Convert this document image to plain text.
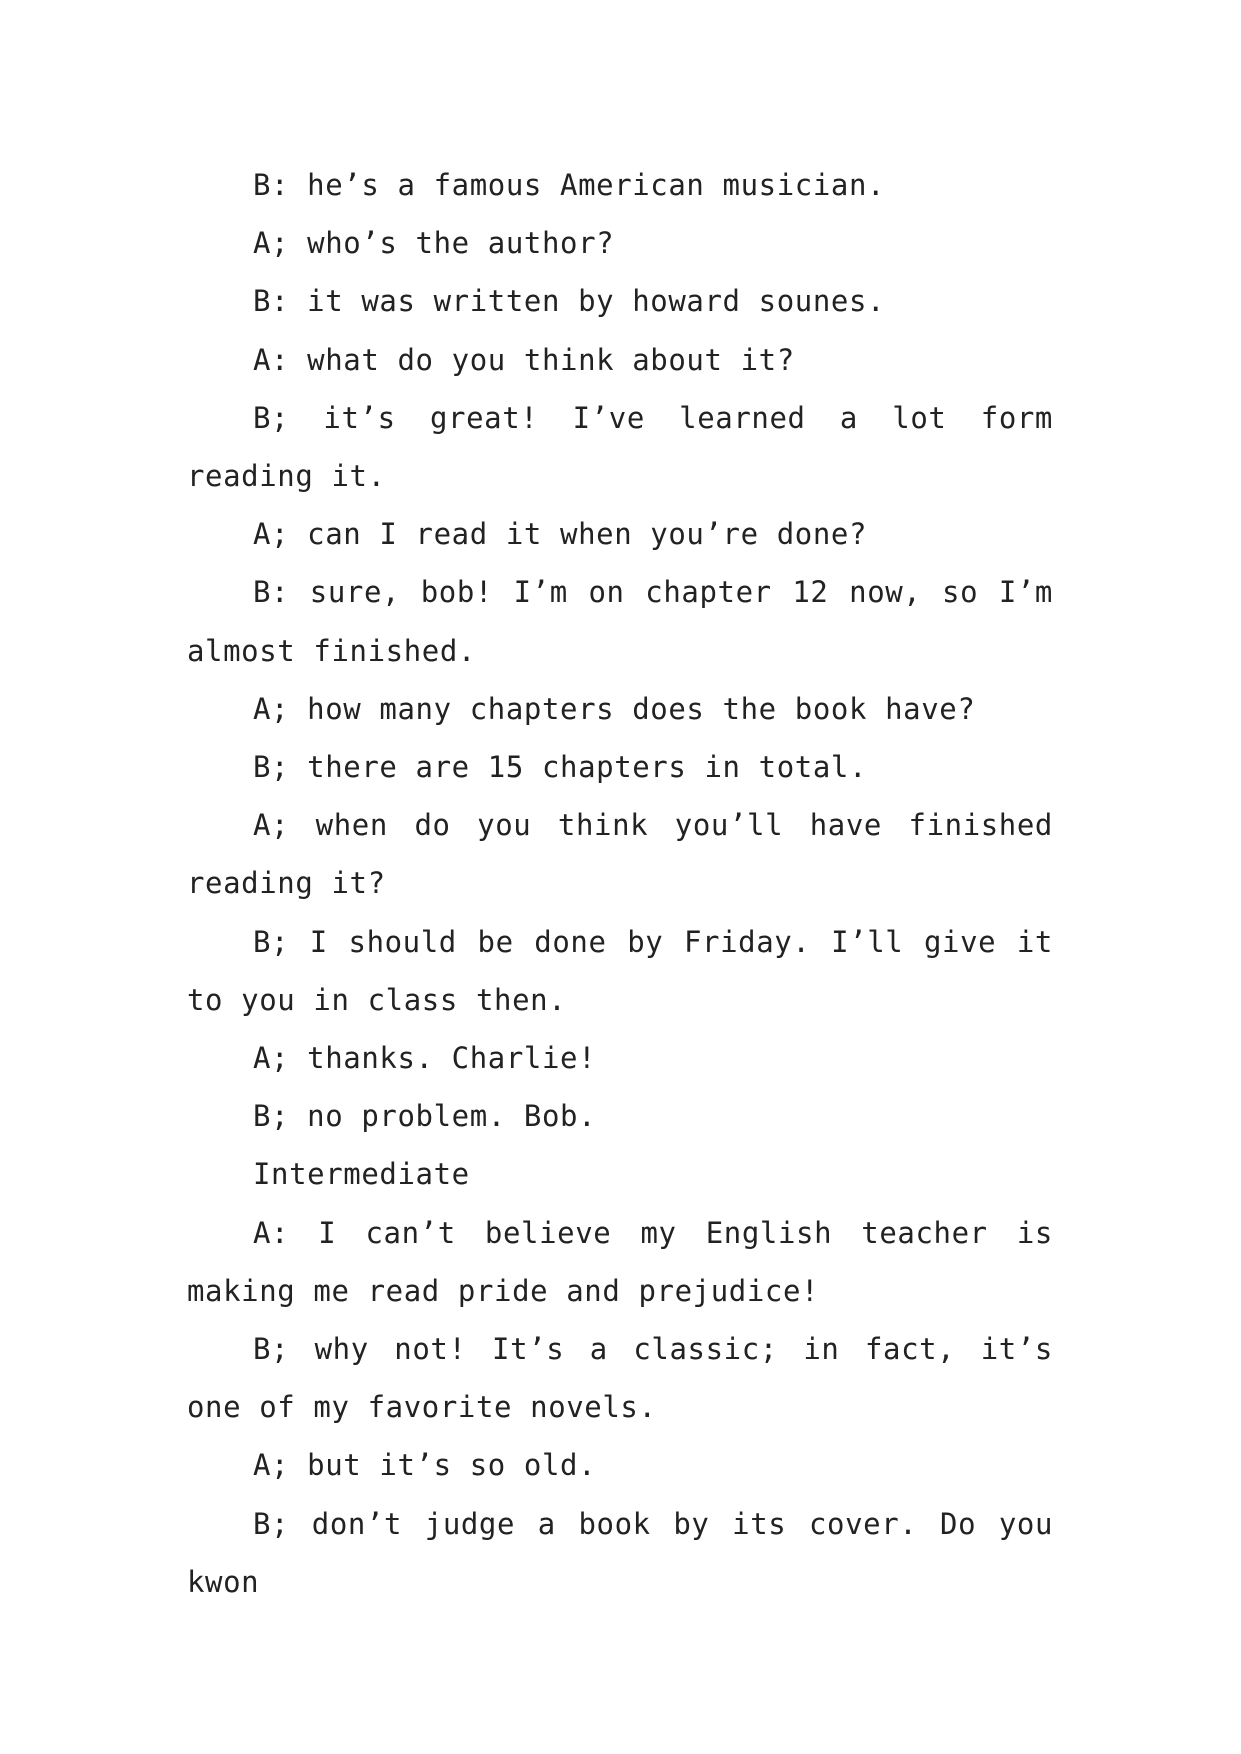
B: he’s a famous American musician.

A; who’s the author?

B: it was written by howard sounes.

A: what do you think about it?

B; it’s great! I’ve learned a lot form reading it.

A; can I read it when you’re done?

B: sure, bob! I’m on chapter 12 now, so I’m almost finished.

A; how many chapters does the book have?

B; there are 15 chapters in total.

A; when do you think you’ll have finished reading it?

B; I should be done by Friday. I’ll give it to you in class then.

A; thanks. Charlie!

B; no problem. Bob.

Intermediate

A: I can’t believe my English teacher is making me read pride and prejudice!

B; why not! It’s a classic; in fact, it’s one of my favorite novels.

A; but it’s so old.

B; don’t judge a book by its cover. Do you kwon
